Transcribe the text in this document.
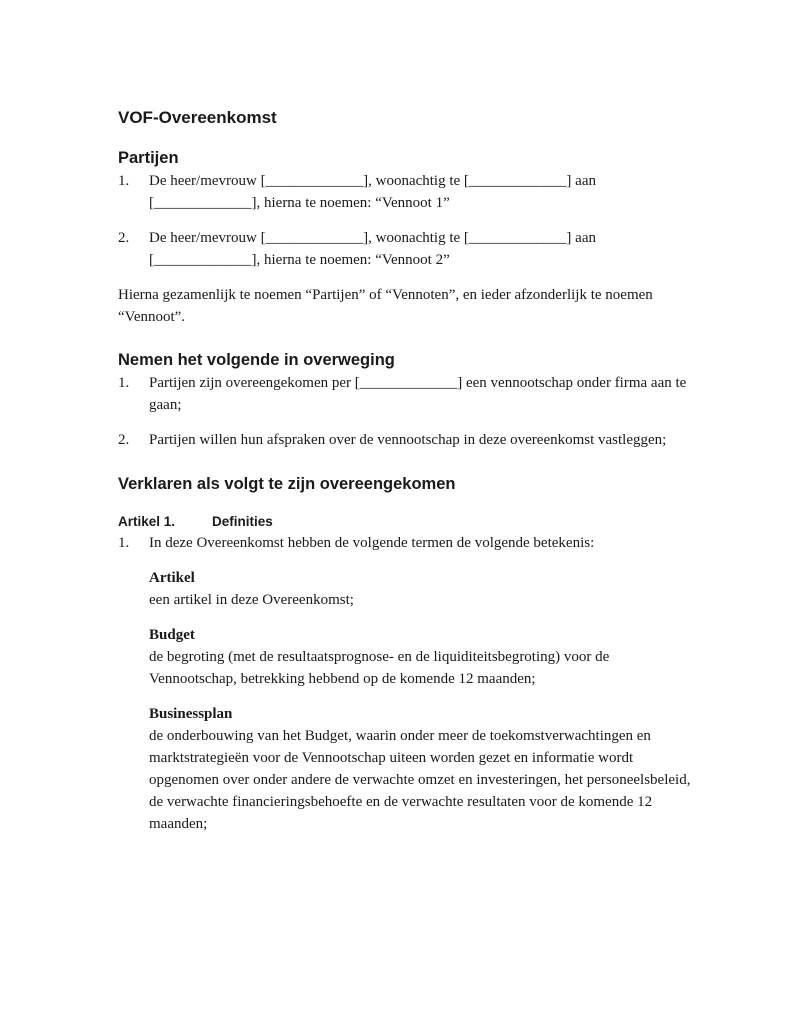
VOF-Overeenkomst
Partijen
1.	De heer/mevrouw [_____________], woonachtig te [_____________] aan [_____________], hierna te noemen: “Vennoot 1”
2.	De heer/mevrouw [_____________], woonachtig te [_____________] aan [_____________], hierna te noemen: “Vennoot 2”

Hierna gezamenlijk te noemen “Partijen” of “Vennoten”, en ieder afzonderlijk te noemen “Vennoot”.

Nemen het volgende in overweging
1.	Partijen zijn overeengekomen per [_____________] een vennootschap onder firma aan te gaan;
2.	Partijen willen hun afspraken over de vennootschap in deze overeenkomst vastleggen;
Verklaren als volgt te zijn overeengekomen
Artikel 1.	Definities
1.	In deze Overeenkomst hebben de volgende termen de volgende betekenis:
Artikel
een artikel in deze Overeenkomst;
Budget
de begroting (met de resultaatsprognose- en de liquiditeitsbegroting) voor de Vennootschap, betrekking hebbend op de komende 12 maanden;
Businessplan
de onderbouwing van het Budget, waarin onder meer de toekomstverwachtingen en marktstrategieën voor de Vennootschap uiteen worden gezet en informatie wordt opgenomen over onder andere de verwachte omzet en investeringen, het personeelsbeleid, de verwachte financieringsbehoefte en de verwachte resultaten voor de komende 12 maanden;
